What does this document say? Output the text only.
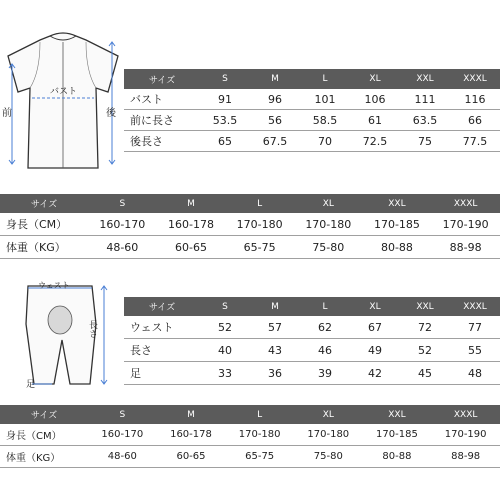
バスト
前	後
サイズ	S	M	L	XL	XXL	XXXL
バスト	91	96	101	106	111	116
前に長さ	53.5	56	58.5	61	63.5	66
後長さ	65	67.5	70	72.5	75	77.5
サイズ	S	M	L	XL	XXL	XXXL
身長（CM）	160-170	160-178	170-180	170-180	170-185	170-190
体重（KG）	48-60	60-65	65-75	75-80	80-88	88-98
ウェスト
長さ
足
サイズ	S	M	L	XL	XXL	XXXL
ウェスト	52	57	62	67	72	77
長さ	40	43	46	49	52	55
足	33	36	39	42	45	48
サイズ	S	M	L	XL	XXL	XXXL
身長（CM）	160-170	160-178	170-180	170-180	170-185	170-190
体重（KG）	48-60	60-65	65-75	75-80	80-88	88-98
